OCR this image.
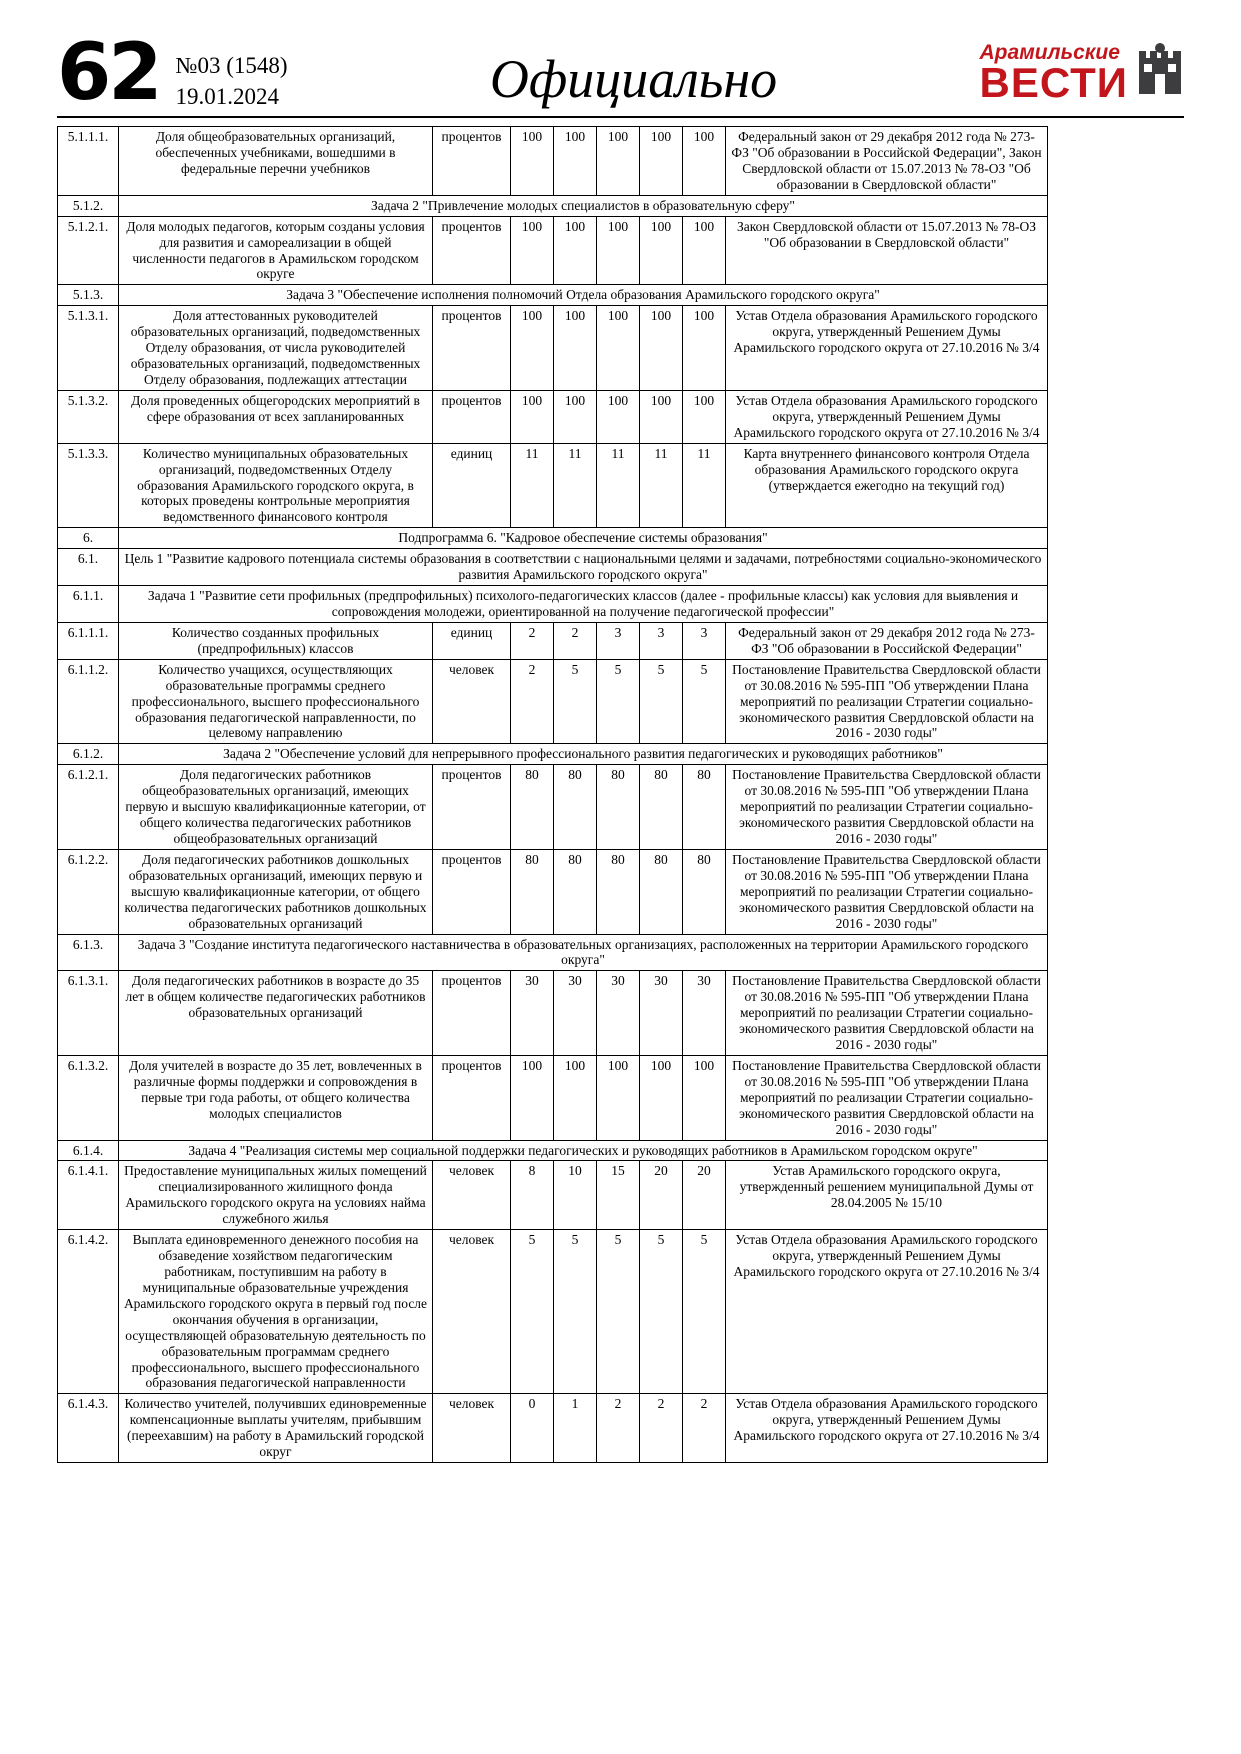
62 №03 (1548)
19.01.2024	Официально	Арамильские
ВЕСТИ
5.1.1.1.	Доля общеобразовательных организаций, обеспеченных учебниками, вошедшими в федеральные перечни учебников	процентов	100	100	100	100	100	Федеральный закон от 29 декабря 2012 года № 273-ФЗ "Об образовании в Российской Федерации", Закон Свердловской области от 15.07.2013 № 78-ОЗ "Об образовании в Свердловской области"
5.1.2.	Задача 2 "Привлечение молодых специалистов в образовательную сферу"							
5.1.2.1.	Доля молодых педагогов, которым созданы условия для развития и самореализации в общей численности педагогов в Арамильском городском округе	процентов	100	100	100	100	100	Закон Свердловской области от 15.07.2013 № 78-ОЗ "Об образовании в Свердловской области"
5.1.3.	Задача 3 "Обеспечение исполнения полномочий Отдела образования Арамильского городского округа"							
5.1.3.1.	Доля аттестованных руководителей образовательных организаций, подведомственных Отделу образования, от числа руководителей образовательных организаций, подведомственных Отделу образования, подлежащих аттестации	процентов	100	100	100	100	100	Устав Отдела образования Арамильского городского округа, утвержденный Решением Думы Арамильского городского округа от 27.10.2016 № 3/4
5.1.3.2.	Доля проведенных общегородских мероприятий в сфере образования от всех запланированных	процентов	100	100	100	100	100	Устав Отдела образования Арамильского городского округа, утвержденный Решением Думы Арамильского городского округа от 27.10.2016 № 3/4
5.1.3.3.	Количество муниципальных образовательных организаций, подведомственных Отделу образования Арамильского городского округа, в которых проведены контрольные мероприятия ведомственного финансового контроля	единиц	11	11	11	11	11	Карта внутреннего финансового контроля Отдела образования Арамильского городского округа (утверждается ежегодно на текущий год)
6.	Подпрограмма 6. "Кадровое обеспечение системы образования"							
6.1.	Цель 1 "Развитие кадрового потенциала системы образования в соответствии с национальными целями и задачами, потребностями социально-экономического развития Арамильского городского округа"							
6.1.1.	Задача 1 "Развитие сети профильных (предпрофильных) психолого-педагогических классов (далее - профильные классы) как условия для выявления и сопровождения молодежи, ориентированной на получение педагогической профессии"							
6.1.1.1.	Количество созданных профильных (предпрофильных) классов	единиц	2	2	3	3	3	Федеральный закон от 29 декабря 2012 года № 273-ФЗ "Об образовании в Российской Федерации"
6.1.1.2.	Количество учащихся, осуществляющих образовательные программы среднего профессионального, высшего профессионального образования педагогической направленности, по целевому направлению	человек	2	5	5	5	5	Постановление Правительства Свердловской области от 30.08.2016 № 595-ПП "Об утверждении Плана мероприятий по реализации Стратегии социально-экономического развития Свердловской области на 2016 - 2030 годы"
6.1.2.	Задача 2 "Обеспечение условий для непрерывного профессионального развития педагогических и руководящих работников"							
6.1.2.1.	Доля педагогических работников общеобразовательных организаций, имеющих первую и высшую квалификационные категории, от общего количества педагогических работников общеобразовательных организаций	процентов	80	80	80	80	80	Постановление Правительства Свердловской области от 30.08.2016 № 595-ПП "Об утверждении Плана мероприятий по реализации Стратегии социально-экономического развития Свердловской области на 2016 - 2030 годы"
6.1.2.2.	Доля педагогических работников дошкольных образовательных организаций, имеющих первую и высшую квалификационные категории, от общего количества педагогических работников дошкольных образовательных организаций	процентов	80	80	80	80	80	Постановление Правительства Свердловской области от 30.08.2016 № 595-ПП "Об утверждении Плана мероприятий по реализации Стратегии социально-экономического развития Свердловской области на 2016 - 2030 годы"
6.1.3.	Задача 3 "Создание института педагогического наставничества в образовательных организациях, расположенных на территории Арамильского городского округа"							
6.1.3.1.	Доля педагогических работников в возрасте до 35 лет в общем количестве педагогических работников образовательных организаций	процентов	30	30	30	30	30	Постановление Правительства Свердловской области от 30.08.2016 № 595-ПП "Об утверждении Плана мероприятий по реализации Стратегии социально-экономического развития Свердловской области на 2016 - 2030 годы"
6.1.3.2.	Доля учителей в возрасте до 35 лет, вовлеченных в различные формы поддержки и сопровождения в первые три года работы, от общего количества молодых специалистов	процентов	100	100	100	100	100	Постановление Правительства Свердловской области от 30.08.2016 № 595-ПП "Об утверждении Плана мероприятий по реализации Стратегии социально-экономического развития Свердловской области на 2016 - 2030 годы"
6.1.4.	Задача 4 "Реализация системы мер социальной поддержки педагогических и руководящих работников в Арамильском городском округе"							
6.1.4.1.	Предоставление муниципальных жилых помещений специализированного жилищного фонда Арамильского городского округа на условиях найма служебного жилья	человек	8	10	15	20	20	Устав Арамильского городского округа, утвержденный решением муниципальной Думы от 28.04.2005 № 15/10
6.1.4.2.	Выплата единовременного денежного пособия на обзаведение хозяйством педагогическим работникам, поступившим на работу в муниципальные образовательные учреждения Арамильского городского округа в первый год после окончания обучения в организации, осуществляющей образовательную деятельность по образовательным программам среднего профессионального, высшего профессионального образования педагогической направленности	человек	5	5	5	5	5	Устав Отдела образования Арамильского городского округа, утвержденный Решением Думы Арамильского городского округа от 27.10.2016 № 3/4
6.1.4.3.	Количество учителей, получивших единовременные компенсационные выплаты учителям, прибывшим (переехавшим) на работу в Арамильский городской округ	человек	0	1	2	2	2	Устав Отдела образования Арамильского городского округа, утвержденный Решением Думы Арамильского городского округа от 27.10.2016 № 3/4
